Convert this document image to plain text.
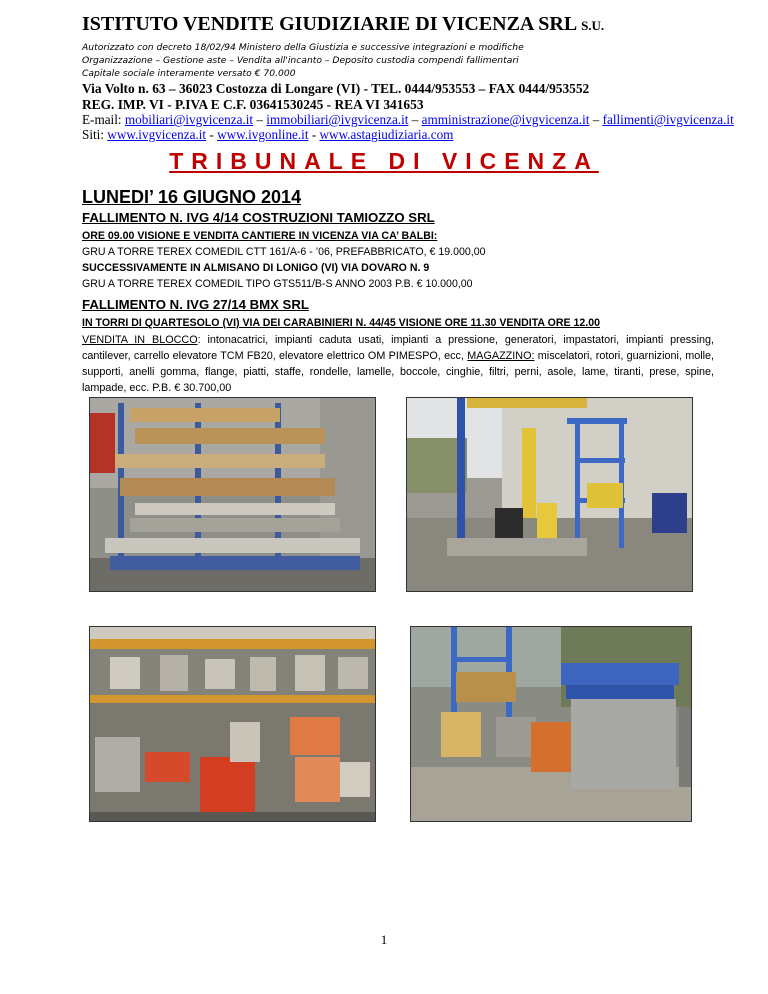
ISTITUTO VENDITE GIUDIZIARIE DI VICENZA SRL S.U.
Autorizzato con decreto 18/02/94 Ministero della Giustizia e successive integrazioni e modifiche
Organizzazione – Gestione aste – Vendita all'incanto – Deposito custodia compendi fallimentari
Capitale sociale interamente versato € 70.000
Via Volto n. 63 – 36023 Costozza di Longare (VI) - TEL. 0444/953553 – FAX 0444/953552
REG. IMP. VI - P.IVA E C.F. 03641530245 - REA VI 341653
E-mail: mobiliari@ivgvicenza.it – immobiliari@ivgvicenza.it – amministrazione@ivgvicenza.it – fallimenti@ivgvicenza.it
Siti: www.ivgvicenza.it - www.ivgonline.it - www.astagiudiziaria.com
TRIBUNALE DI VICENZA
LUNEDI’ 16 GIUGNO 2014
FALLIMENTO N. IVG 4/14 COSTRUZIONI TAMIOZZO SRL
ORE 09.00 VISIONE E VENDITA CANTIERE IN VICENZA VIA CA’ BALBI:
GRU A TORRE TEREX COMEDIL CTT 161/A-6 - ’06, PREFABBRICATO, € 19.000,00
SUCCESSIVAMENTE IN ALMISANO DI LONIGO (VI) VIA DOVARO N. 9
GRU A TORRE TEREX COMEDIL TIPO GTS511/B-S ANNO 2003 P.B. € 10.000,00
FALLIMENTO N. IVG 27/14 BMX SRL
IN TORRI DI QUARTESOLO (VI) VIA DEI CARABINIERI N. 44/45 VISIONE ORE 11.30 VENDITA ORE 12.00
VENDITA IN BLOCCO: intonacatrici, impianti caduta usati, impianti a pressione, generatori, impastatori, impianti pressing, cantilever, carrello elevatore TCM FB20, elevatore elettrico OM PIMESPO, ecc, MAGAZZINO: miscelatori, rotori, guarnizioni, molle, supporti, anelli gomma, flange, piatti, staffe, rondelle, lamelle, boccole, cinghie, filtri, perni, asole, lame, tiranti, prese, spine, lampade, ecc. P.B. € 30.700,00
1
